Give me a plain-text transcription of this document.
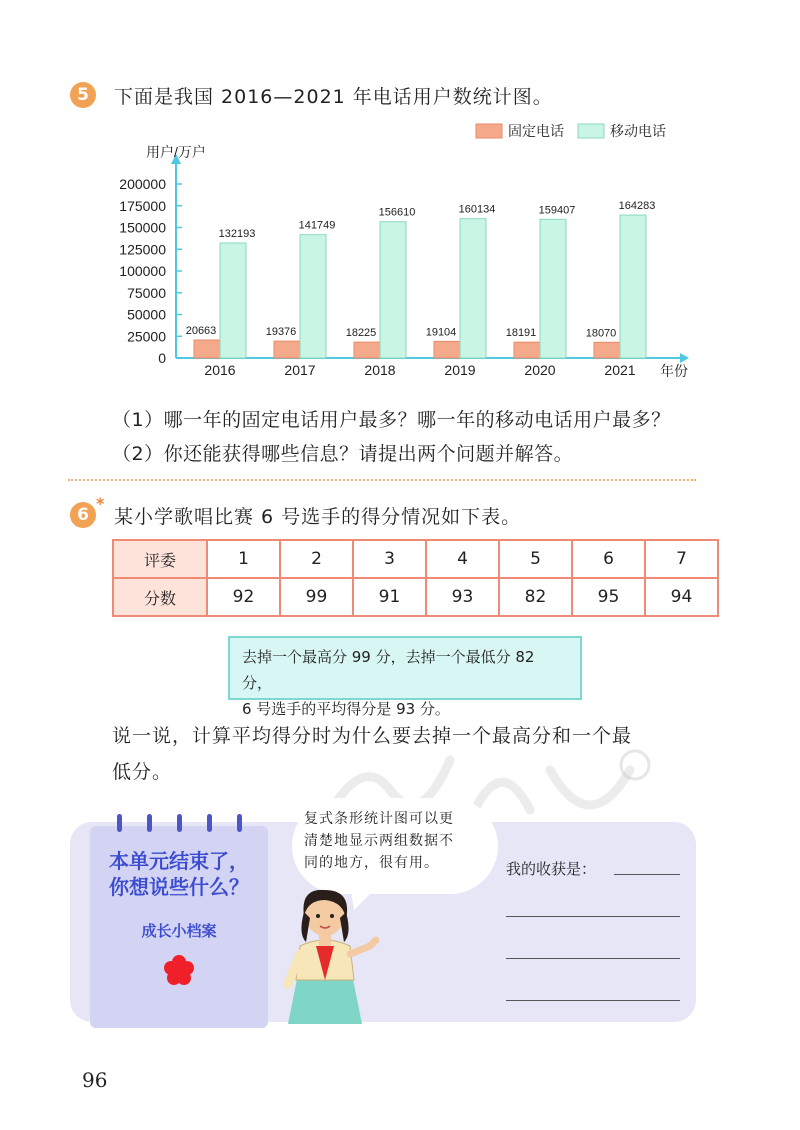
5	下面是我国 2016—2021 年电话用户数统计图。
200000
175000
150000
125000
100000
75000
50000
25000
0
用户/万户
年份
固定电话	移动电话
20663
132193
2016
19376
141749
2017
18225
156610
2018
19104
160134
2019
18191
159407
2020
18070
164283
2021
（1）哪一年的固定电话用户最多？哪一年的移动电话用户最多？
（2）你还能获得哪些信息？请提出两个问题并解答。
6
*
某小学歌唱比赛 6 号选手的得分情况如下表。
评委	1	2	3	4	5	6	7
分数	92	99	91	93	82	95	94
去掉一个最高分 99 分，去掉一个最低分 82 分，
6 号选手的平均得分是 93 分。
说一说，计算平均得分时为什么要去掉一个最高分和一个最
低分。
本单元结束了，
你想说些什么？
成长小档案
复式条形统计图可以更
清楚地显示两组数据不
同的地方，很有用。	我的收获是：
96
